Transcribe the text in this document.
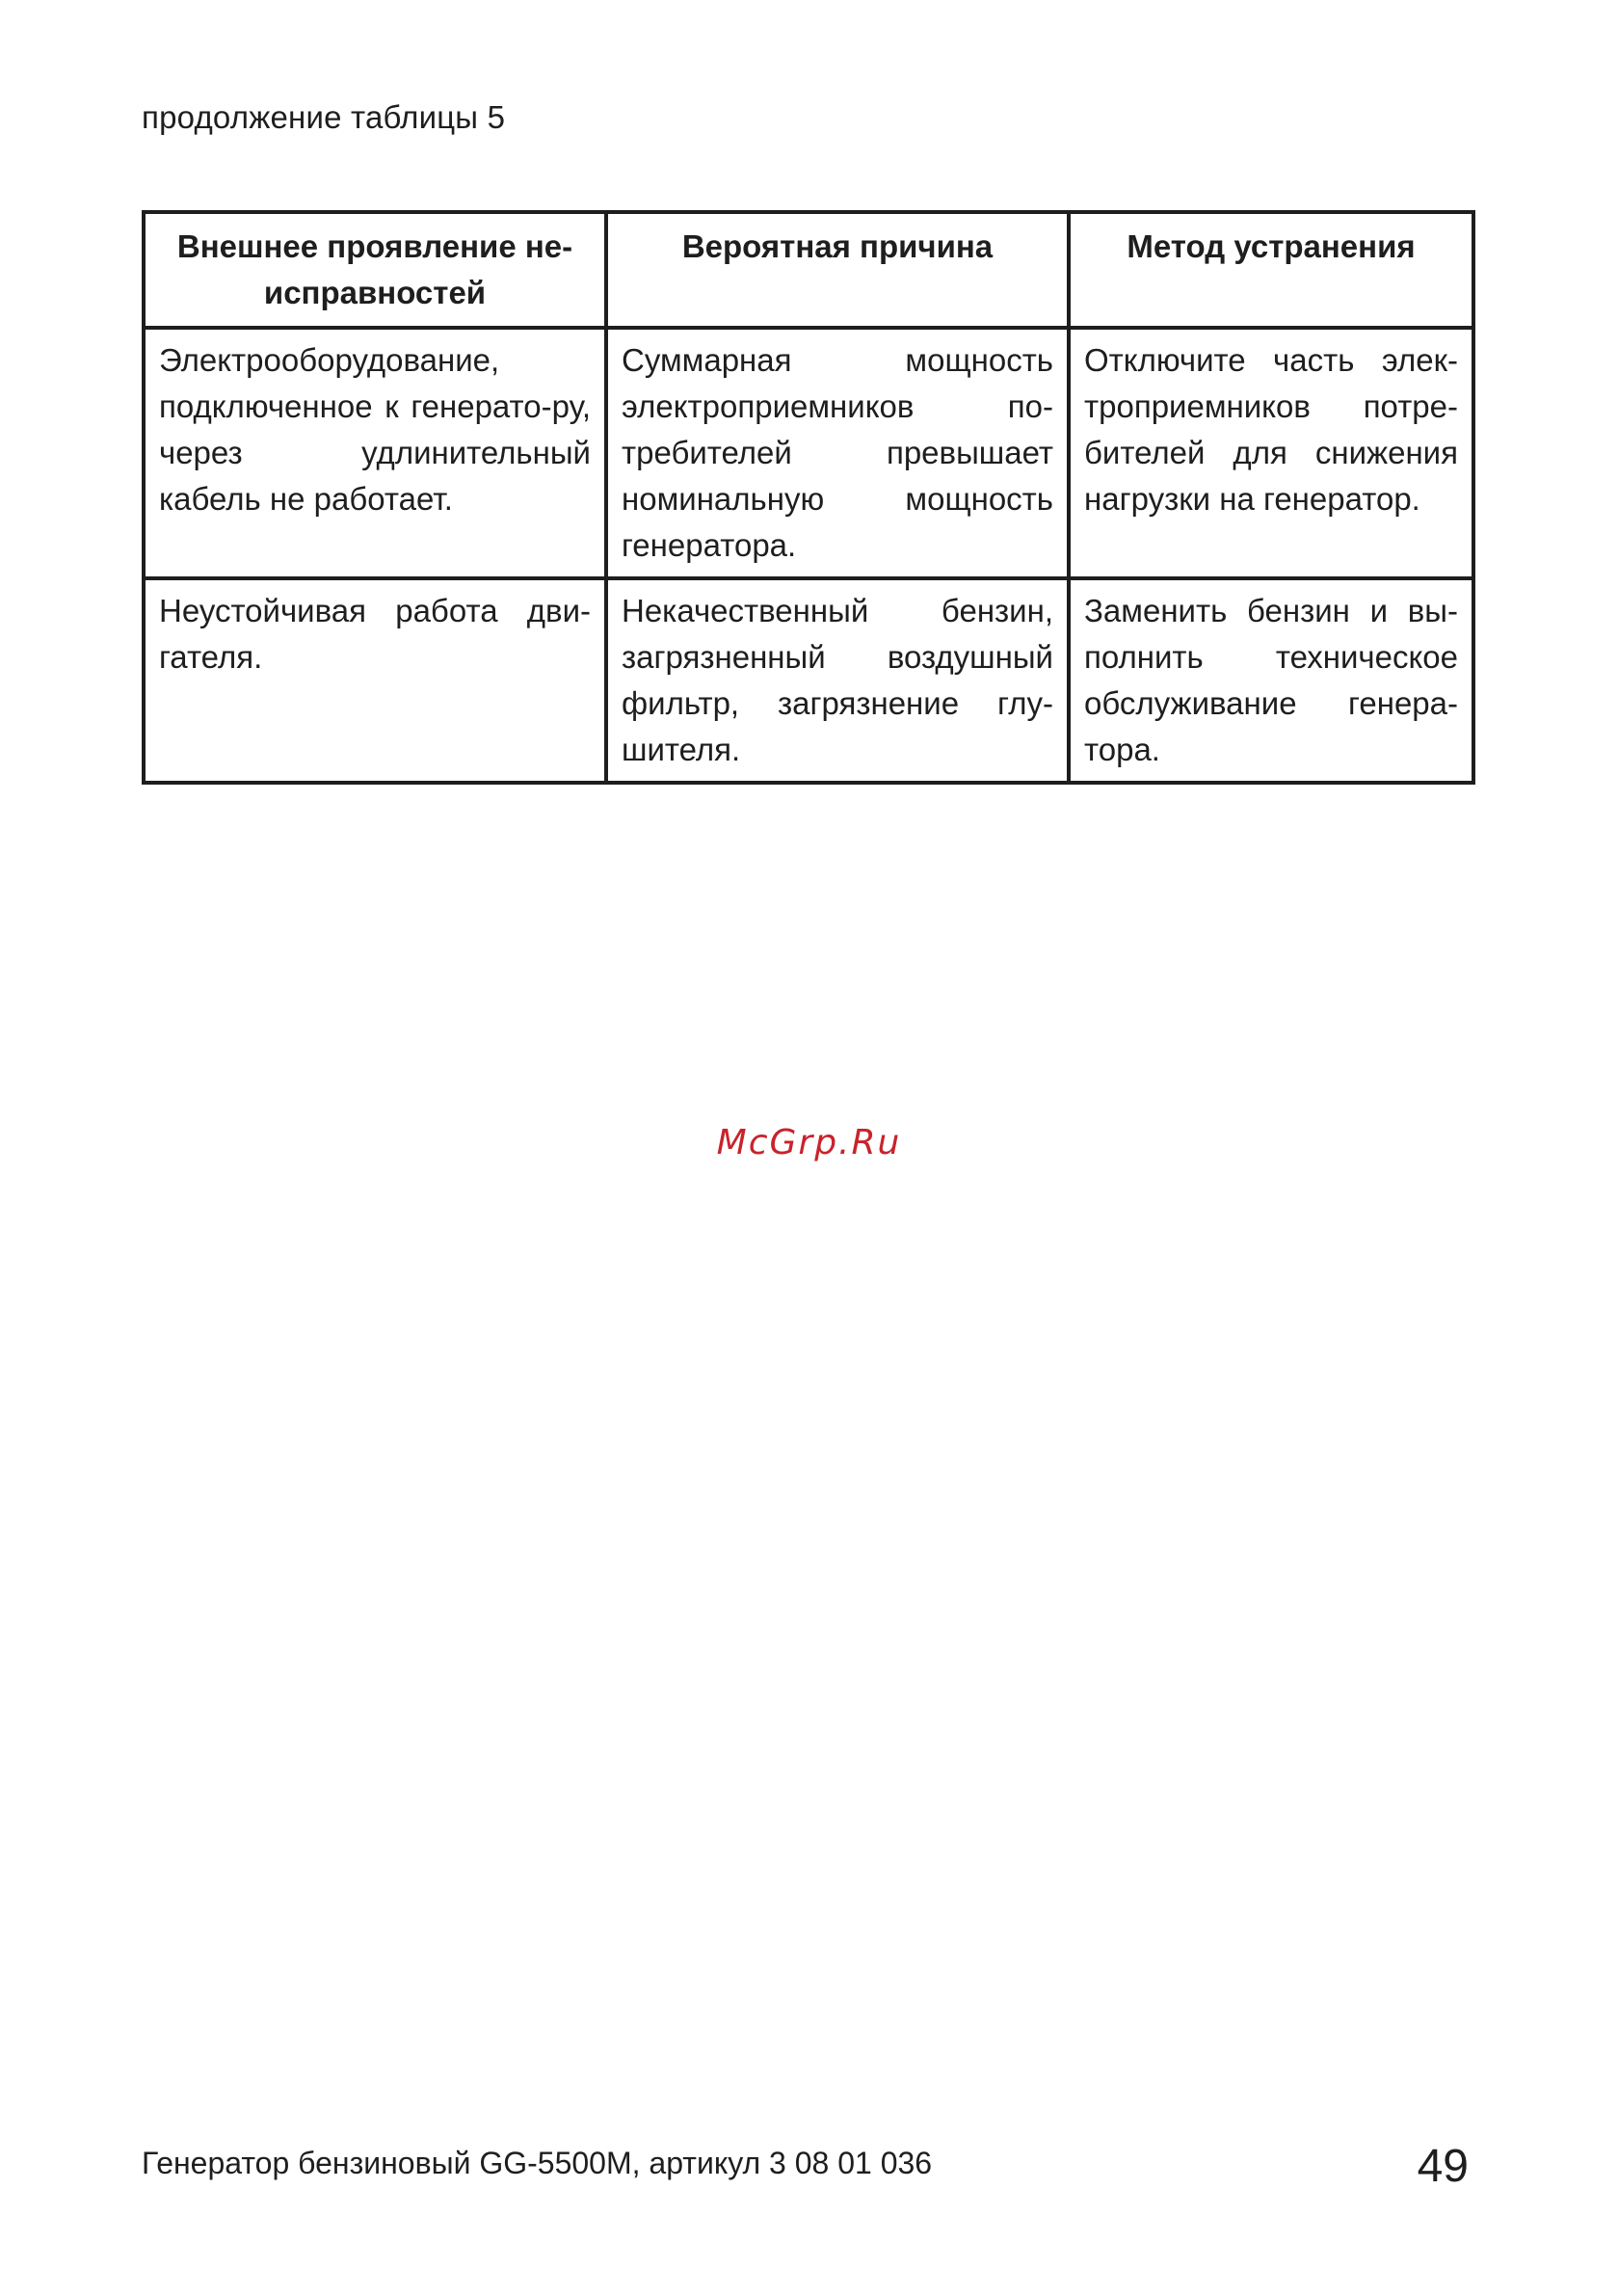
продолжение таблицы 5
Внешнее проявление не-исправностей	Вероятная причина	Метод устранения
Электрооборудование, подключенное к генерато-ру, через удлинительный кабель не работает.	Суммарная мощность электроприемников по-требителей превышает номинальную мощность генератора.	Отключите часть элек-троприемников потре-бителей для снижения нагрузки на генератор.
Неустойчивая работа дви-гателя.	Некачественный бензин, загрязненный воздушный фильтр, загрязнение глу-шителя.	Заменить бензин и вы-полнить техническое обслуживание генера-тора.
McGrp.Ru
Генератор бензиновый GG-5500M, артикул 3 08 01 036	49
